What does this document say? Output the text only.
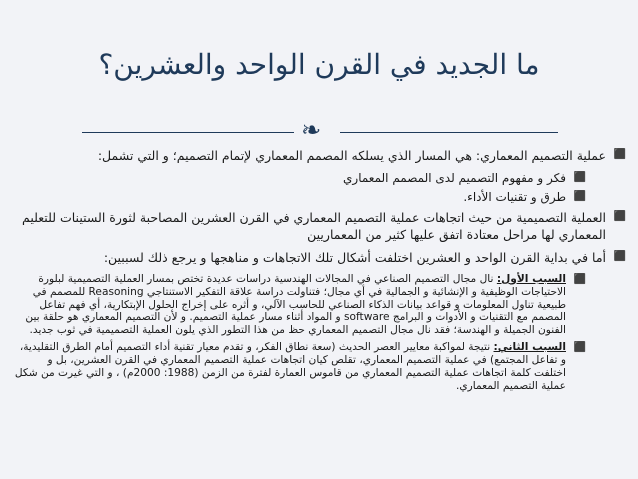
ما الجديد في القرن الواحد والعشرين؟
❧
⬛
عملية التصميم المعماري: هي المسار الذي يسلكه المصمم المعماري لإتمام التصميم؛ و التي تشمل:
⬛
فكر و مفهوم التصميم لدى المصمم المعماري
⬛
طرق و تقنيات الأداء.
⬛
العملية التصميمية من حيث اتجاهات عملية التصميم المعماري في القرن العشرين المصاحبة لثورة الستينات للتعليم المعماري لها مراحل معتادة اتفق عليها كثير من المعماريين
⬛
أما في بداية القرن الواحد و العشرين اختلفت أشكال تلك الاتجاهات و مناهجها و يرجع ذلك لسببين:
⬛
السبب الأول: نال مجال التصميم الصناعي في المجالات الهندسية دراسات عديدة تختص بمسار العملية التصميمية لبلورة الاحتياجات الوظيفية و الإنشائية و الجمالية في أي مجال؛ فتناولت دراسة علاقة التفكير الاستنتاجي Reasoning للمصمم في طبيعية تناول المعلومات و قواعد بيانات الذكاء الصناعي للحاسب الآلي، و أثره على إخراج الحلول الإبتكارية، أي فهم تفاعل المصمم مع التقنيات و الأدوات و البرامج software و المواد أثناء مسار عملية التصميم. و لأن التصميم المعماري هو حلقة بين الفنون الجميلة و الهندسة؛ فقد نال مجال التصميم المعماري حظ من هذا التطور الذي يلون العملية التصميمية في ثوب جديد.
⬛
السبب الثاني: نتيجة لمواكبة معايير العصر الحديث (سعة نطاق الفكر، و تقدم معيار تقنية أداء التصميم أمام الطرق التقليدية، و تفاعل المجتمع) في عملية التصميم المعماري، تقلص كيان اتجاهات عملية التصميم المعماري في القرن العشرين، بل و اختلفت كلمة اتجاهات عملية التصميم المعماري من قاموس العمارة لفترة من الزمن (1988: 2000م) ، و التي غيرت من شكل عملية التصميم المعماري.
